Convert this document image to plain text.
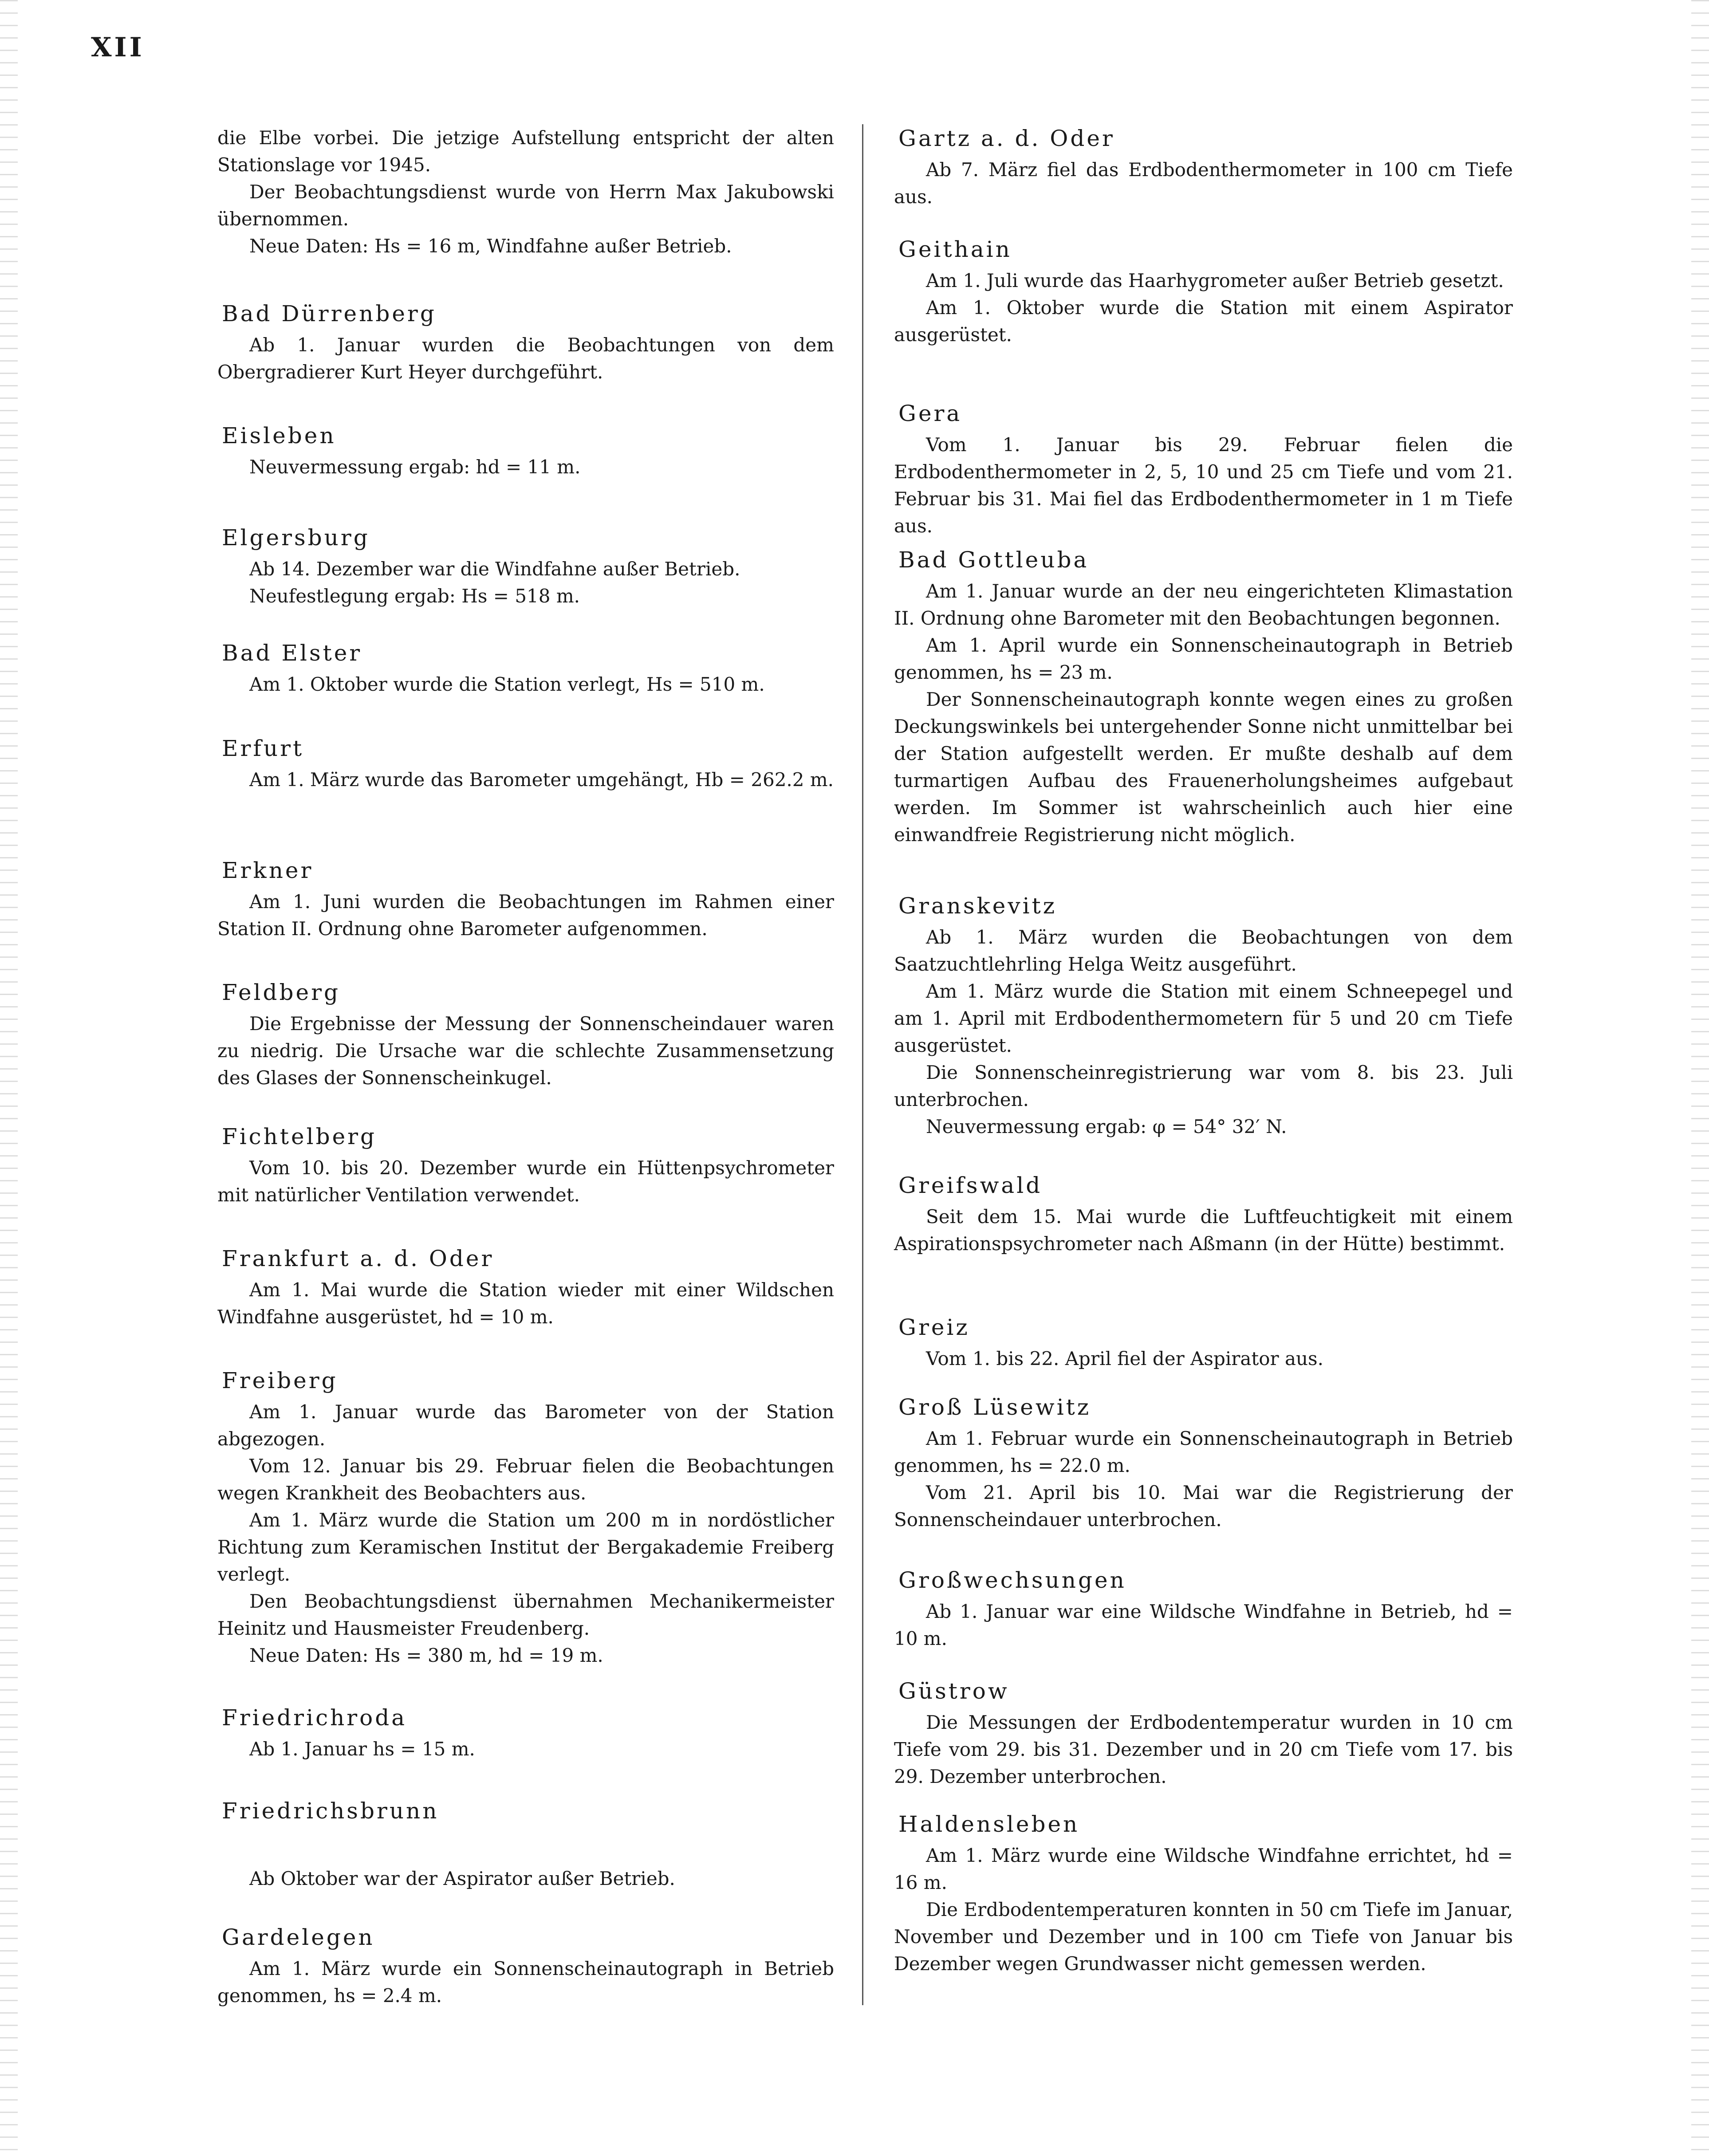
XII

die Elbe vorbei. Die jetzige Aufstellung entspricht der alten Stationslage vor 1945.

Der Beobachtungsdienst wurde von Herrn Max Jakubowski übernommen.

Neue Daten: Hs = 16 m, Windfahne außer Betrieb.

Bad Dürrenberg

Ab 1. Januar wurden die Beobachtungen von dem Obergradierer Kurt Heyer durchgeführt.

Eisleben

Neuvermessung ergab: hd = 11 m.

Elgersburg

Ab 14. Dezember war die Windfahne außer Betrieb.

Neufestlegung ergab: Hs = 518 m.

Bad Elster

Am 1. Oktober wurde die Station verlegt, Hs = 510 m.

Erfurt

Am 1. März wurde das Barometer umgehängt, Hb = 262.2 m.

Erkner

Am 1. Juni wurden die Beobachtungen im Rahmen einer Station II. Ordnung ohne Barometer aufgenommen.

Feldberg

Die Ergebnisse der Messung der Sonnenscheindauer waren zu niedrig. Die Ursache war die schlechte Zusammensetzung des Glases der Sonnenscheinkugel.

Fichtelberg

Vom 10. bis 20. Dezember wurde ein Hüttenpsychrometer mit natürlicher Ventilation verwendet.

Frankfurt a. d. Oder

Am 1. Mai wurde die Station wieder mit einer Wildschen Windfahne ausgerüstet, hd = 10 m.

Freiberg

Am 1. Januar wurde das Barometer von der Station abgezogen.

Vom 12. Januar bis 29. Februar fielen die Beobachtungen wegen Krankheit des Beobachters aus.

Am 1. März wurde die Station um 200 m in nordöstlicher Richtung zum Keramischen Institut der Bergakademie Freiberg verlegt.

Den Beobachtungsdienst übernahmen Mechanikermeister Heinitz und Hausmeister Freudenberg.

Neue Daten: Hs = 380 m, hd = 19 m.

Friedrichroda

Ab 1. Januar hs = 15 m.

Friedrichsbrunn

Ab Oktober war der Aspirator außer Betrieb.

Gardelegen

Am 1. März wurde ein Sonnenscheinautograph in Betrieb genommen, hs = 2.4 m.

Gartz a. d. Oder

Ab 7. März fiel das Erdbodenthermometer in 100 cm Tiefe aus.

Geithain

Am 1. Juli wurde das Haarhygrometer außer Betrieb gesetzt.

Am 1. Oktober wurde die Station mit einem Aspirator ausgerüstet.

Gera

Vom 1. Januar bis 29. Februar fielen die Erdbodenthermometer in 2, 5, 10 und 25 cm Tiefe und vom 21. Februar bis 31. Mai fiel das Erdbodenthermometer in 1 m Tiefe aus.

Bad Gottleuba

Am 1. Januar wurde an der neu eingerichteten Klimastation II. Ordnung ohne Barometer mit den Beobachtungen begonnen.

Am 1. April wurde ein Sonnenscheinautograph in Betrieb genommen, hs = 23 m.

Der Sonnenscheinautograph konnte wegen eines zu großen Deckungswinkels bei untergehender Sonne nicht unmittelbar bei der Station aufgestellt werden. Er mußte deshalb auf dem turmartigen Aufbau des Frauenerholungsheimes aufgebaut werden. Im Sommer ist wahrscheinlich auch hier eine einwandfreie Registrierung nicht möglich.

Granskevitz

Ab 1. März wurden die Beobachtungen von dem Saatzuchtlehrling Helga Weitz ausgeführt.

Am 1. März wurde die Station mit einem Schneepegel und am 1. April mit Erdbodenthermometern für 5 und 20 cm Tiefe ausgerüstet.

Die Sonnenscheinregistrierung war vom 8. bis 23. Juli unterbrochen.

Neuvermessung ergab: φ = 54° 32′ N.

Greifswald

Seit dem 15. Mai wurde die Luftfeuchtigkeit mit einem Aspirationspsychrometer nach Aßmann (in der Hütte) bestimmt.

Greiz

Vom 1. bis 22. April fiel der Aspirator aus.

Groß Lüsewitz

Am 1. Februar wurde ein Sonnenscheinautograph in Betrieb genommen, hs = 22.0 m.

Vom 21. April bis 10. Mai war die Registrierung der Sonnenscheindauer unterbrochen.

Großwechsungen

Ab 1. Januar war eine Wildsche Windfahne in Betrieb, hd = 10 m.

Güstrow

Die Messungen der Erdbodentemperatur wurden in 10 cm Tiefe vom 29. bis 31. Dezember und in 20 cm Tiefe vom 17. bis 29. Dezember unterbrochen.

Haldensleben

Am 1. März wurde eine Wildsche Windfahne errichtet, hd = 16 m.

Die Erdbodentemperaturen konnten in 50 cm Tiefe im Januar, November und Dezember und in 100 cm Tiefe von Januar bis Dezember wegen Grundwasser nicht gemessen werden.
